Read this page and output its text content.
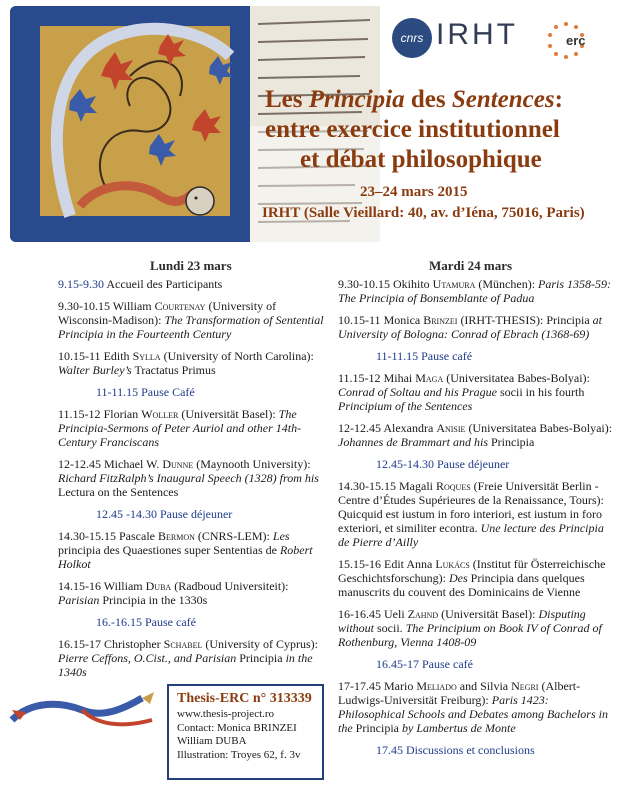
cnrs IRHT	erc
Les Principia des Sentences:
entre exercice institutionnel
et débat philosophique
23–24 mars 2015
IRHT (Salle Vieillard: 40, av. d’Iéna, 75016, Paris)
Lundi 23 mars	Mardi 24 mars

9.15-9.30 Accueil des Participants

9.30-10.15 William Courtenay (University of Wisconsin-Madison): The Transformation of Sentential Principia in the Fourteenth Century

10.15-11 Edith Sylla (University of North Carolina): Walter Burley’s Tractatus Primus

11-11.15 Pause Café

11.15-12 Florian Woller (Universität Basel): The Principia-Sermons of Peter Auriol and other 14th-Century Franciscans

12-12.45 Michael W. Dunne (Maynooth University): Richard FitzRalph’s Inaugural Speech (1328) from his Lectura on the Sentences

12.45 -14.30 Pause déjeuner

14.30-15.15 Pascale Bermon (CNRS-LEM): Les principia des Quaestiones super Sententias de Robert Holkot

14.15-16 William Duba (Radboud Universiteit): Parisian Principia in the 1330s

16.-16.15 Pause café

16.15-17 Christopher Schabel (University of Cyprus): Pierre Ceffons, O.Cist., and Parisian Principia in the 1340s

9.30-10.15 Okihito Utamura (München): Paris 1358-59: The Principia of Bonsemblante of Padua

10.15-11 Monica Brinzei (IRHT-THESIS): Principia at University of Bologna: Conrad of Ebrach (1368-69)

11-11.15 Pause café

11.15-12 Mihai Maga (Universitatea Babes-Bolyai): Conrad of Soltau and his Prague socii in his fourth Principium of the Sentences

12-12.45 Alexandra Anisie (Universitatea Babes-Bolyai): Johannes de Brammart and his Principia

12.45-14.30 Pause déjeuner

14.30-15.15 Magali Roques (Freie Universität Berlin - Centre d’Études Supérieures de la Renaissance, Tours): Quicquid est iustum in foro interiori, est iustum in foro exteriori, et similiter econtra. Une lecture des Principia de Pierre d’Ailly

15.15-16 Edit Anna Lukács (Institut für Österreichische Geschichtsforschung): Des Principia dans quelques manuscrits du couvent des Dominicains de Vienne

16-16.45 Ueli Zahnd (Universität Basel): Disputing without socii. The Principium on Book IV of Conrad of Rothenburg, Vienna 1408-09

16.45-17 Pause café

17-17.45 Mario Meliado and Silvia Negri (Albert-Ludwigs-Universität Freiburg): Paris 1423: Philosophical Schools and Debates among Bachelors in the Principia by Lambertus de Monte

17.45 Discussions et conclusions

Thesis-ERC n° 313339
www.thesis-project.ro
Contact: Monica BRINZEI
William DUBA
Illustration: Troyes 62, f. 3v
